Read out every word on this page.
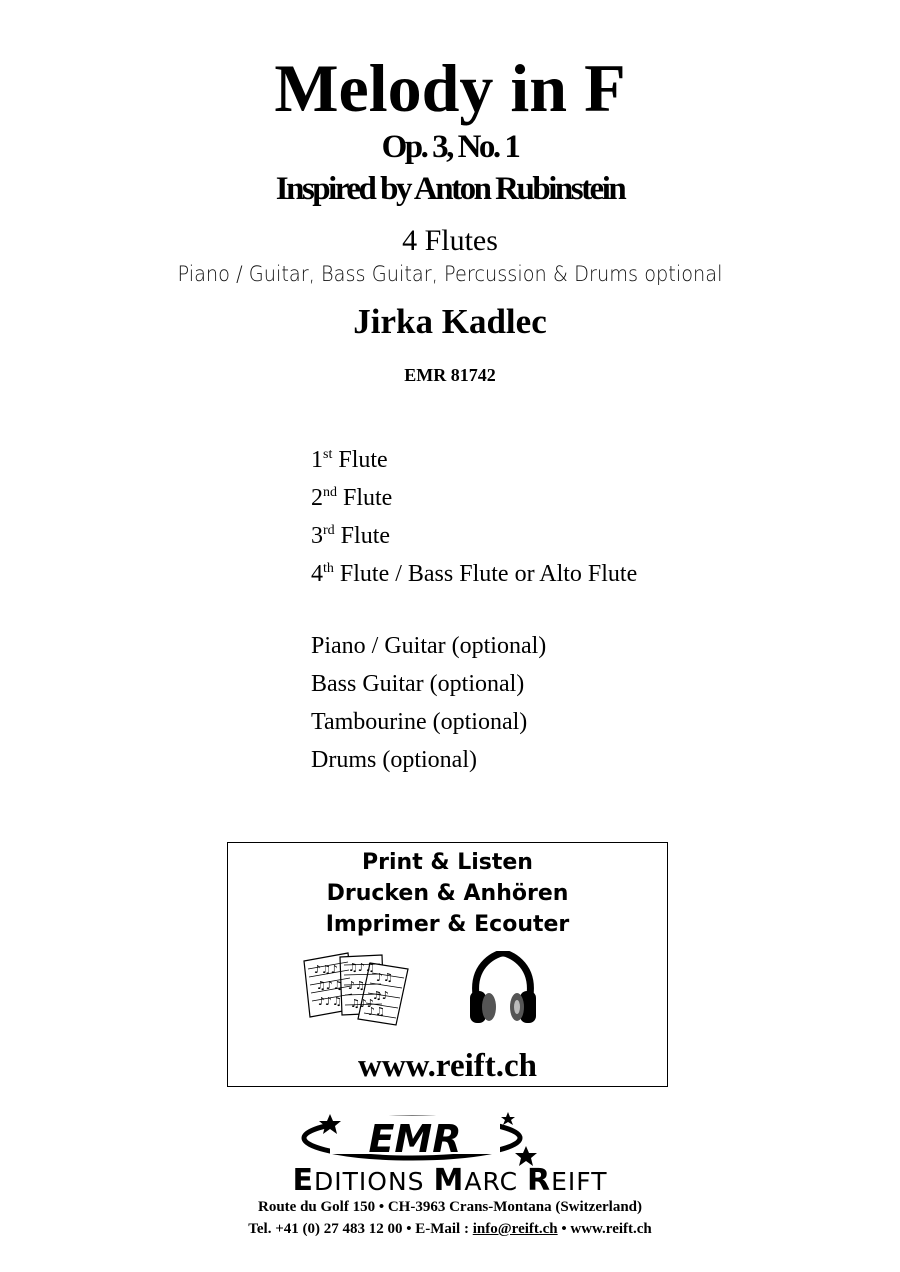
Melody in F
Op. 3, No. 1
Inspired by Anton Rubinstein
4 Flutes
Piano / Guitar, Bass Guitar, Percussion & Drums optional
Jirka Kadlec
EMR 81742
1st Flute
2nd Flute
3rd Flute
4th Flute / Bass Flute or Alto Flute
Piano / Guitar (optional)
Bass Guitar (optional)
Tambourine (optional)
Drums (optional)
Print & Listen
Drucken & Anhören
Imprimer & Ecouter
♪♫♪
♫♪♫
♪♪♫
♫♪♫
♪♫
♫♪♪
♪♫
♫♪
♪♫
www.reift.ch
EMR
EDITIONS MARC REIFT
Route du Golf 150 • CH-3963 Crans-Montana (Switzerland)
Tel. +41 (0) 27 483 12 00 • E-Mail : info@reift.ch • www.reift.ch
